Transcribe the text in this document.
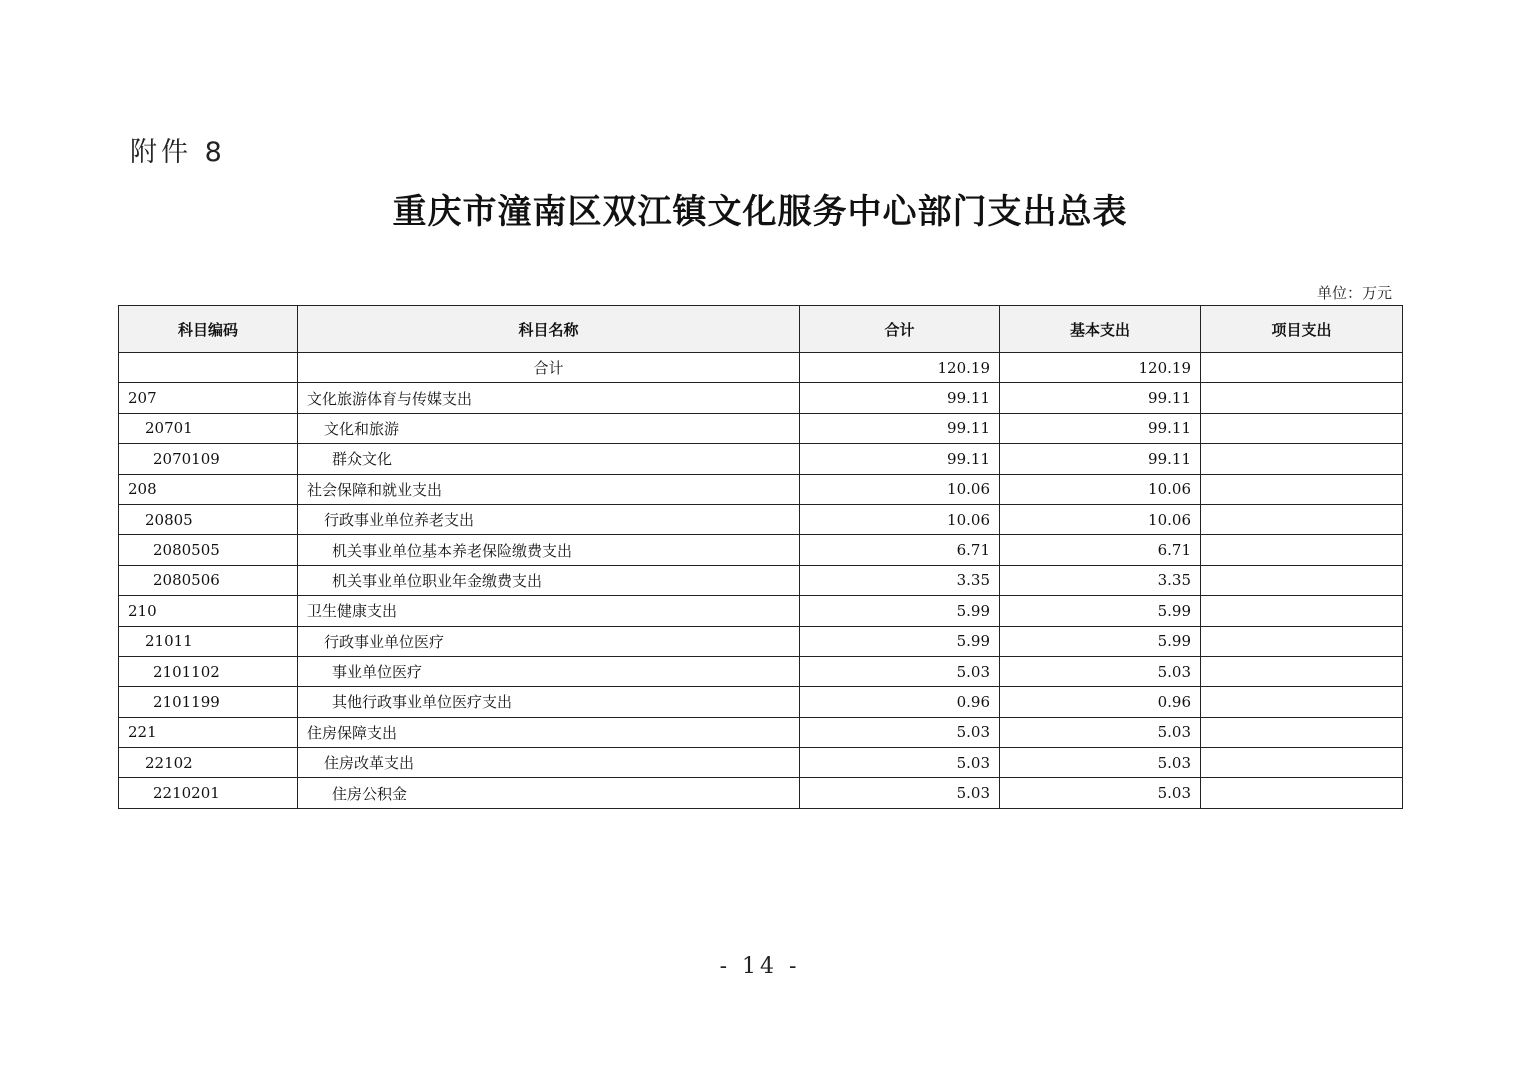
附件 8
重庆市潼南区双江镇文化服务中心部门支出总表
单位：万元
科目编码	科目名称	合计	基本支出	项目支出
	合计	120.19	120.19	
207	文化旅游体育与传媒支出	99.11	99.11	
20701	文化和旅游	99.11	99.11	
2070109	群众文化	99.11	99.11	
208	社会保障和就业支出	10.06	10.06	
20805	行政事业单位养老支出	10.06	10.06	
2080505	机关事业单位基本养老保险缴费支出	6.71	6.71	
2080506	机关事业单位职业年金缴费支出	3.35	3.35	
210	卫生健康支出	5.99	5.99	
21011	行政事业单位医疗	5.99	5.99	
2101102	事业单位医疗	5.03	5.03	
2101199	其他行政事业单位医疗支出	0.96	0.96	
221	住房保障支出	5.03	5.03	
22102	住房改革支出	5.03	5.03	
2210201	住房公积金	5.03	5.03	
- 14 -
